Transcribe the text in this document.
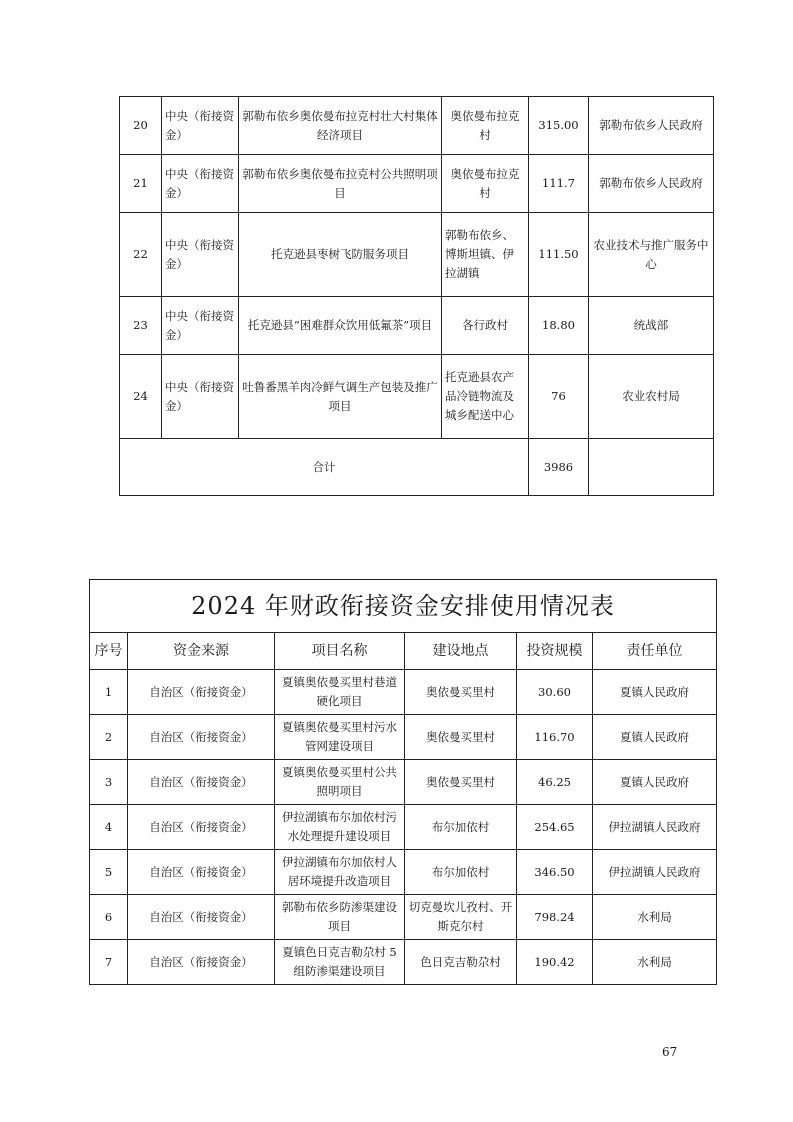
20	中央（衔接资金）	郭勒布依乡奥依曼布拉克村壮大村集体经济项目	奥依曼布拉克村	315.00	郭勒布依乡人民政府
21	中央（衔接资金）	郭勒布依乡奥依曼布拉克村公共照明项目	奥依曼布拉克村	111.7	郭勒布依乡人民政府
22	中央（衔接资金）	托克逊县枣树飞防服务项目	郭勒布依乡、博斯坦镇、伊拉湖镇	111.50	农业技术与推广服务中心
23	中央（衔接资金）	托克逊县“困难群众饮用低氟茶”项目	各行政村	18.80	统战部
24	中央（衔接资金）	吐鲁番黑羊肉冷鲜气调生产包装及推广项目	托克逊县农产品冷链物流及城乡配送中心	76	农业农村局
合计				3986	
2024 年财政衔接资金安排使用情况表					
序号	资金来源	项目名称	建设地点	投资规模	责任单位
1	自治区（衔接资金）	夏镇奥依曼买里村巷道硬化项目	奥依曼买里村	30.60	夏镇人民政府
2	自治区（衔接资金）	夏镇奥依曼买里村污水管网建设项目	奥依曼买里村	116.70	夏镇人民政府
3	自治区（衔接资金）	夏镇奥依曼买里村公共照明项目	奥依曼买里村	46.25	夏镇人民政府
4	自治区（衔接资金）	伊拉湖镇布尔加依村污水处理提升建设项目	布尔加依村	254.65	伊拉湖镇人民政府
5	自治区（衔接资金）	伊拉湖镇布尔加依村人居环境提升改造项目	布尔加依村	346.50	伊拉湖镇人民政府
6	自治区（衔接资金）	郭勒布依乡防渗渠建设项目	切克曼坎儿孜村、开斯克尔村	798.24	水利局
7	自治区（衔接资金）	夏镇色日克吉勒尕村 5 组防渗渠建设项目	色日克吉勒尕村	190.42	水利局
67
